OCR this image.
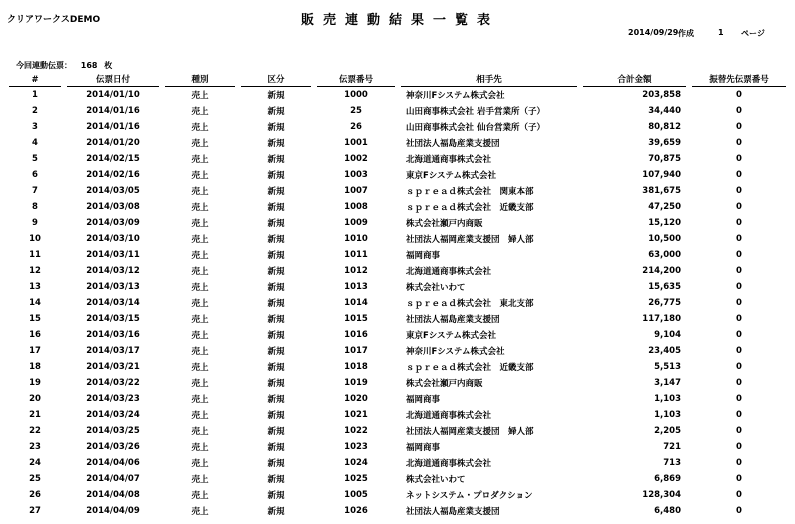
クリアワークスDEMO	販売連動結果一覧表
2014/09/29 作成	1 ページ
今回連動伝票： 168 枚
#	伝票日付	種別	区分	伝票番号	相手先	合計金額	振替先伝票番号

1	2014/01/10	売上	新規	1000	神奈川Fシステム株式会社	203,858	0
2	2014/01/16	売上	新規	25	山田商事株式会社 岩手営業所（子）	34,440	0
3	2014/01/16	売上	新規	26	山田商事株式会社 仙台営業所（子）	80,812	0
4	2014/01/20	売上	新規	1001	社団法人福島産業支援団	39,659	0
5	2014/02/15	売上	新規	1002	北海道通商事株式会社	70,875	0
6	2014/02/16	売上	新規	1003	東京Fシステム株式会社	107,940	0
7	2014/03/05	売上	新規	1007	ｓｐｒｅａｄ株式会社　関東本部	381,675	0
8	2014/03/08	売上	新規	1008	ｓｐｒｅａｄ株式会社　近畿支部	47,250	0
9	2014/03/09	売上	新規	1009	株式会社瀬戸内商販	15,120	0
10	2014/03/10	売上	新規	1010	社団法人福岡産業支援団　婦人部	10,500	0
11	2014/03/11	売上	新規	1011	福岡商事	63,000	0
12	2014/03/12	売上	新規	1012	北海道通商事株式会社	214,200	0
13	2014/03/13	売上	新規	1013	株式会社いわて	15,635	0
14	2014/03/14	売上	新規	1014	ｓｐｒｅａｄ株式会社　東北支部	26,775	0
15	2014/03/15	売上	新規	1015	社団法人福島産業支援団	117,180	0
16	2014/03/16	売上	新規	1016	東京Fシステム株式会社	9,104	0
17	2014/03/17	売上	新規	1017	神奈川Fシステム株式会社	23,405	0
18	2014/03/21	売上	新規	1018	ｓｐｒｅａｄ株式会社　近畿支部	5,513	0
19	2014/03/22	売上	新規	1019	株式会社瀬戸内商販	3,147	0
20	2014/03/23	売上	新規	1020	福岡商事	1,103	0
21	2014/03/24	売上	新規	1021	北海道通商事株式会社	1,103	0
22	2014/03/25	売上	新規	1022	社団法人福岡産業支援団　婦人部	2,205	0
23	2014/03/26	売上	新規	1023	福岡商事	721	0
24	2014/04/06	売上	新規	1024	北海道通商事株式会社	713	0
25	2014/04/07	売上	新規	1025	株式会社いわて	6,869	0
26	2014/04/08	売上	新規	1005	ネットシステム・プロダクション	128,304	0
27	2014/04/09	売上	新規	1026	社団法人福島産業支援団	6,480	0
